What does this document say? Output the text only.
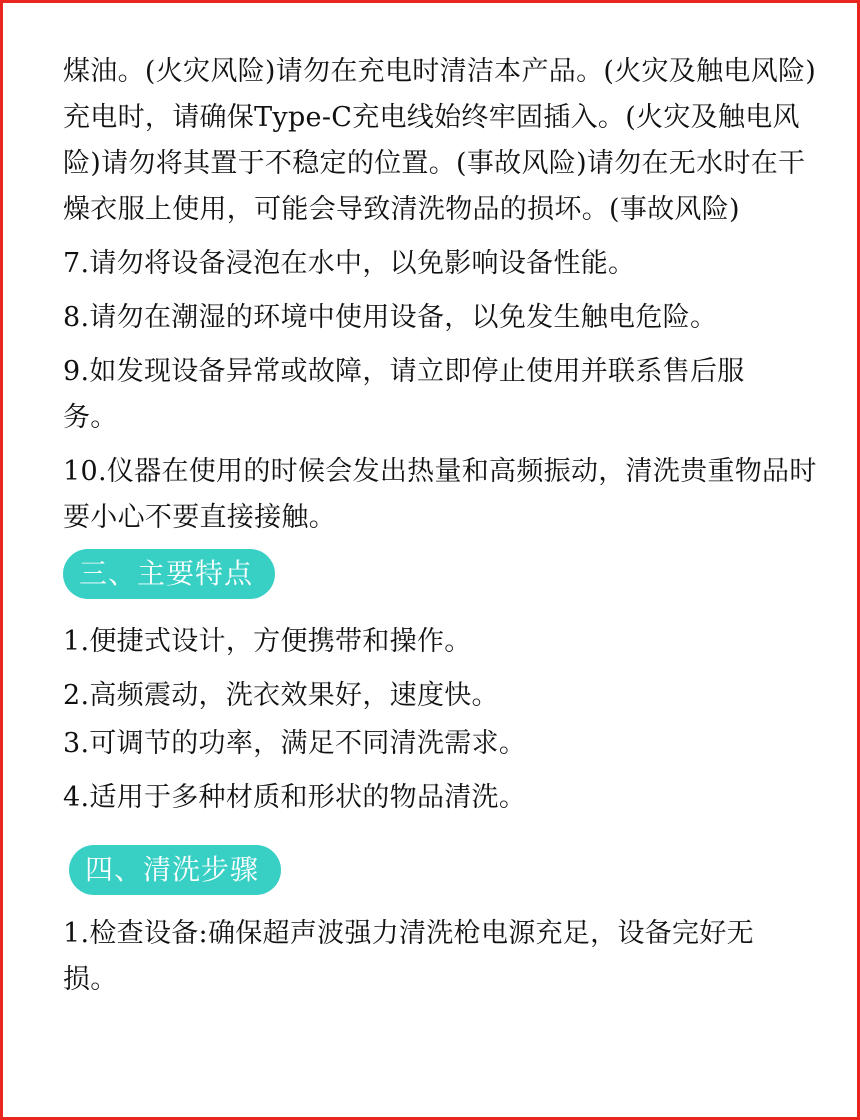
煤油。(火灾风险)请勿在充电时清洁本产品。(火灾及触电风险)充电时，请确保Type-C充电线始终牢固插入。(火灾及触电风险)请勿将其置于不稳定的位置。(事故风险)请勿在无水时在干燥衣服上使用，可能会导致清洗物品的损坏。(事故风险)

7.请勿将设备浸泡在水中，以免影响设备性能。

8.请勿在潮湿的环境中使用设备，以免发生触电危险。

9.如发现设备异常或故障，请立即停止使用并联系售后服务。

10.仪器在使用的时候会发出热量和高频振动，清洗贵重物品时要小心不要直接接触。

三、主要特点

1.便捷式设计，方便携带和操作。

2.高频震动，洗衣效果好，速度快。

3.可调节的功率，满足不同清洗需求。

4.适用于多种材质和形状的物品清洗。

四、清洗步骤

1.检查设备:确保超声波强力清洗枪电源充足，设备完好无损。
